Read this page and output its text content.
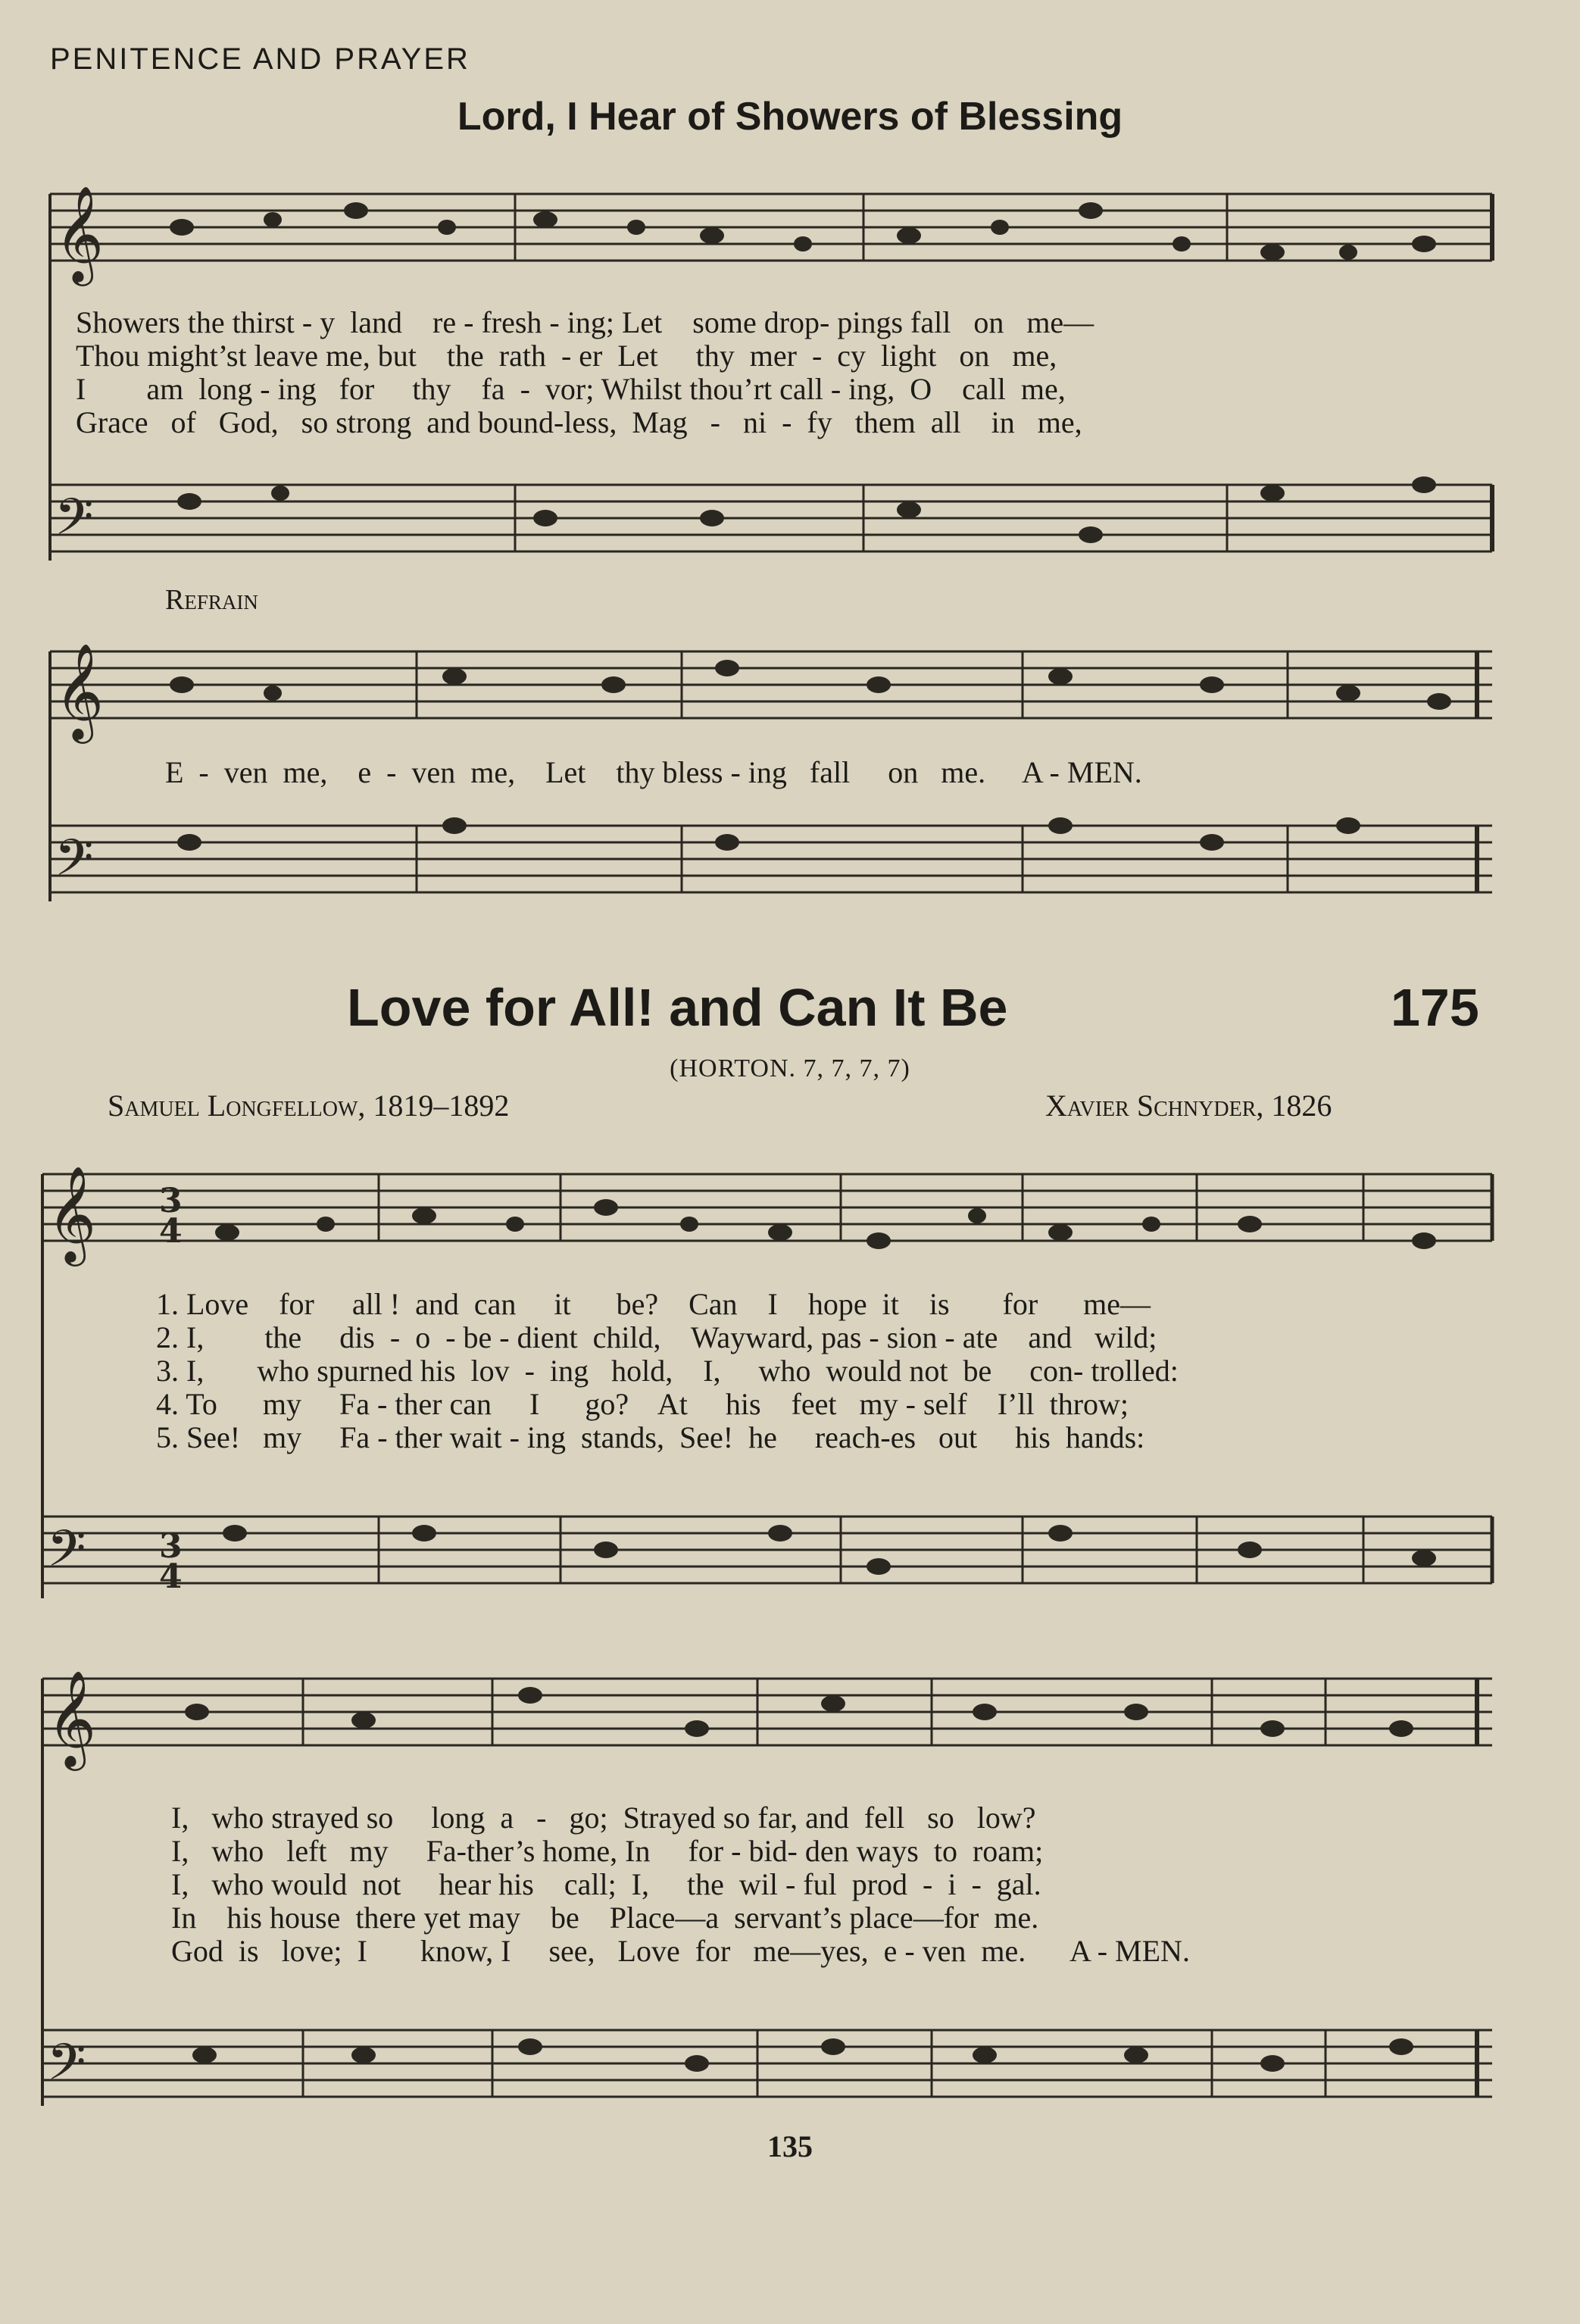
PENITENCE AND PRAYER
Lord, I Hear of Showers of Blessing
𝄞
𝄢
𝄞
𝄢
Showers the thirst - y  land    re - fresh - ing; Let    some drop- pings fall   on   me—
Thou might’st leave me, but    the  rath  - er  Let     thy  mer  -  cy  light   on   me,
I        am  long - ing   for     thy    fa  -  vor; Whilst thou’rt call - ing,  O    call  me,
Grace   of   God,   so strong  and bound-less,  Mag   -   ni  -  fy   them  all    in   me,
Refrain
E  -  ven  me,    e  -  ven  me,    Let    thy bless - ing   fall     on   me.     A - MEN.
Love for All! and Can It Be	175
(HORTON. 7, 7, 7, 7)
Samuel Longfellow, 1819–1892	Xavier Schnyder, 1826
𝄞
𝄢
𝄞
𝄢
3
4
3
4
1. Love    for     all !  and  can     it      be?    Can    I    hope  it    is       for      me—
2. I,        the     dis  -  o  - be - dient  child,    Wayward, pas - sion - ate    and   wild;
3. I,       who spurned his  lov  -  ing   hold,    I,     who  would not  be     con- trolled:
4. To      my     Fa - ther can     I      go?    At     his    feet   my - self    I’ll  throw;
5. See!   my     Fa - ther wait - ing  stands,  See!  he     reach-es   out     his  hands:
I,   who strayed so     long  a   -   go;  Strayed so far, and  fell   so   low?
I,   who   left   my     Fa-ther’s home, In     for - bid- den ways  to  roam;
I,   who would  not     hear his    call;  I,     the  wil - ful  prod  -  i  -  gal.
In    his house  there yet may    be    Place—a  servant’s place—for  me.
God  is   love;  I       know, I     see,   Love  for   me—yes,  e - ven  me.      A - MEN.
135
